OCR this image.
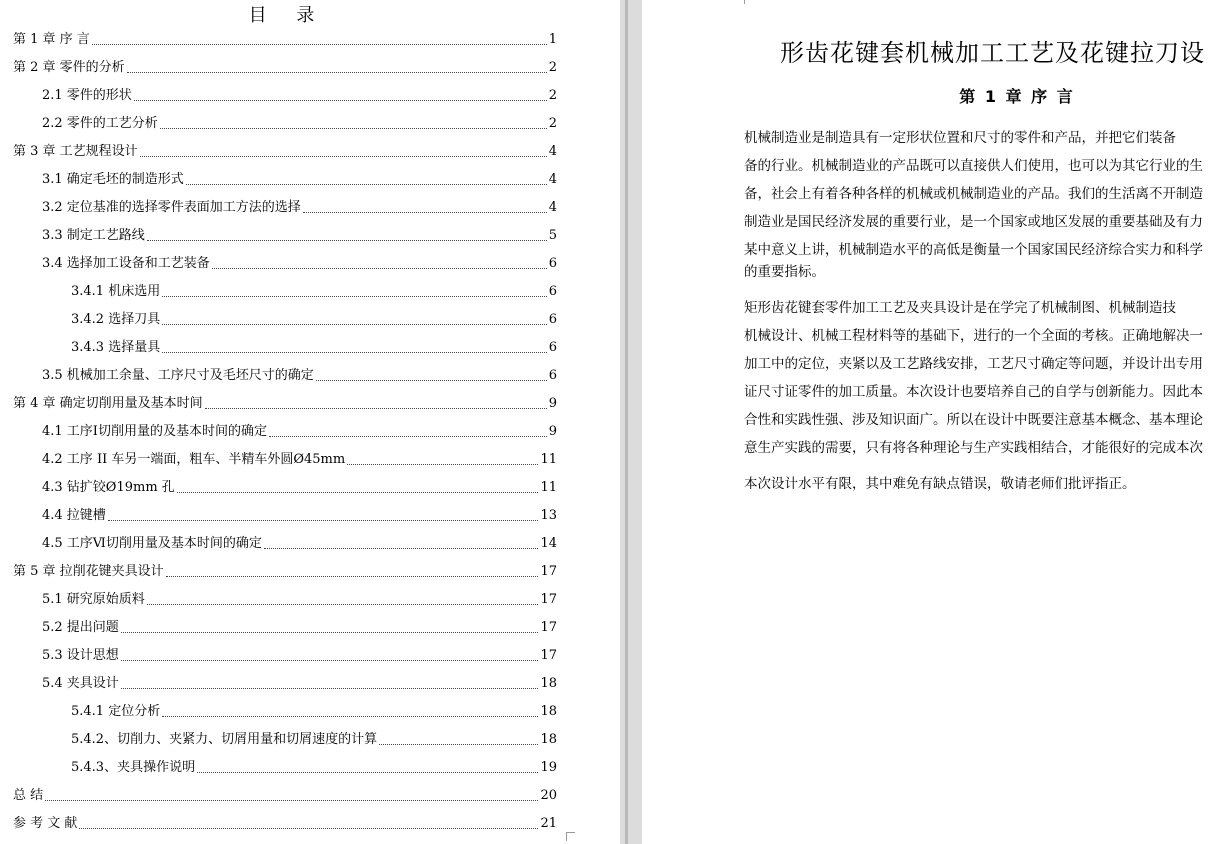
目 录
第 1 章 序 言	1
第 2 章 零件的分析	2
2.1 零件的形状	2
2.2 零件的工艺分析	2
第 3 章 工艺规程设计	4
3.1 确定毛坯的制造形式	4
3.2 定位基准的选择零件表面加工方法的选择	4
3.3 制定工艺路线	5
3.4 选择加工设备和工艺装备	6
3.4.1 机床选用	6
3.4.2 选择刀具	6
3.4.3 选择量具	6
3.5 机械加工余量、工序尺寸及毛坯尺寸的确定	6
第 4 章 确定切削用量及基本时间	9
4.1 工序Ⅰ切削用量的及基本时间的确定	9
4.2 工序 II 车另一端面，粗车、半精车外圆Ø45mm	11
4.3 钻扩铰Ø19mm 孔	11
4.4 拉键槽	13
4.5 工序Ⅵ切削用量及基本时间的确定	14
第 5 章 拉削花键夹具设计	17
5.1 研究原始质料	17
5.2 提出问题	17
5.3 设计思想	17
5.4 夹具设计	18
5.4.1 定位分析	18
5.4.2、切削力、夹紧力、切屑用量和切屑速度的计算	18
5.4.3、夹具操作说明	19
总 结	20
参 考 文 献	21
形齿花键套机械加工工艺及花键拉刀设
第 1 章 序 言
机械制造业是制造具有一定形状位置和尺寸的零件和产品，并把它们装备
备的行业。机械制造业的产品既可以直接供人们使用，也可以为其它行业的生
备，社会上有着各种各样的机械或机械制造业的产品。我们的生活离不开制造
制造业是国民经济发展的重要行业，是一个国家或地区发展的重要基础及有力
某中意义上讲，机械制造水平的高低是衡量一个国家国民经济综合实力和科学
的重要指标。
矩形齿花键套零件加工工艺及夹具设计是在学完了机械制图、机械制造技
机械设计、机械工程材料等的基础下，进行的一个全面的考核。正确地解决一
加工中的定位，夹紧以及工艺路线安排，工艺尺寸确定等问题，并设计出专用
证尺寸证零件的加工质量。本次设计也要培养自己的自学与创新能力。因此本
合性和实践性强、涉及知识面广。所以在设计中既要注意基本概念、基本理论
意生产实践的需要，只有将各种理论与生产实践相结合，才能很好的完成本次
本次设计水平有限，其中难免有缺点错误，敬请老师们批评指正。
